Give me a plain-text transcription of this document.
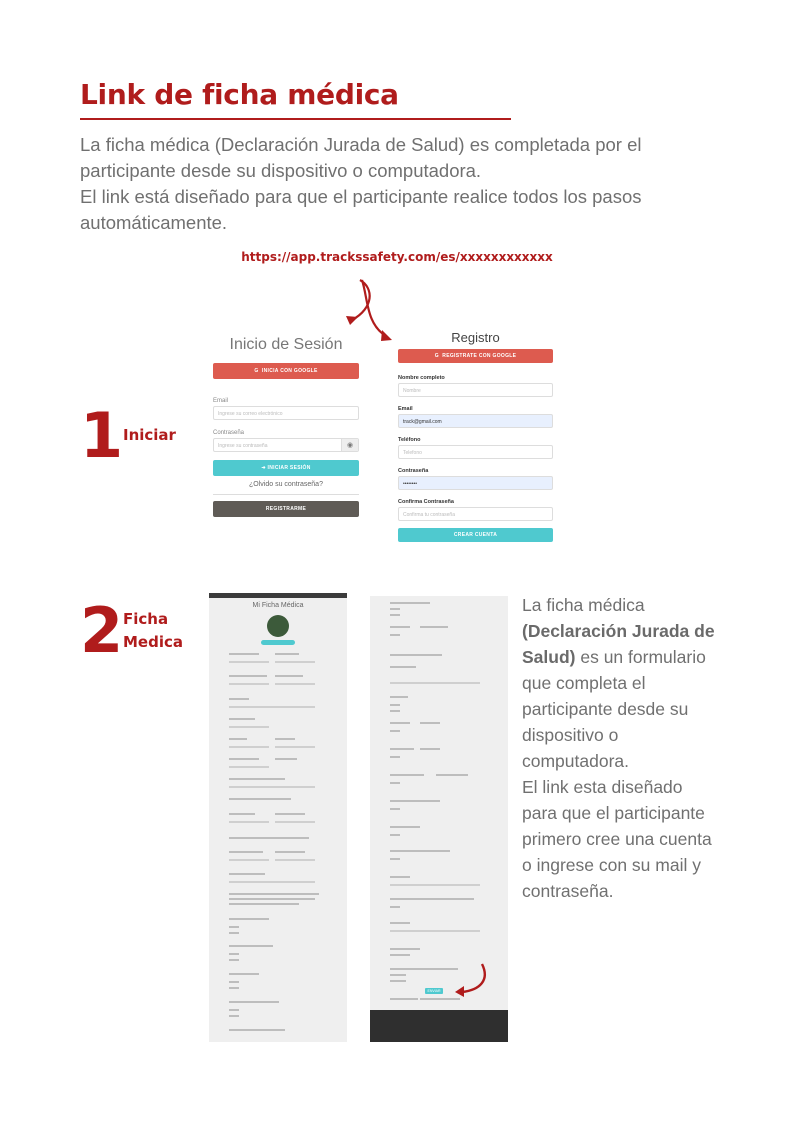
Link de ficha médica
La ficha médica (Declaración Jurada de Salud) es completada por el
participante desde su dispositivo o computadora.
El link está diseñado para que el participante realice todos los pasos
automáticamente.
https://app.trackssafety.com/es/xxxxxxxxxxxx
1 Iniciar
Inicio de Sesión
G  INICIA CON GOOGLE
Email
Ingrese su correo electrónico
Contraseña
Ingrese su contraseña	◉
➜ INICIAR SESIÓN
¿Olvido su contraseña?
REGISTRARME
Registro
G  REGISTRATE CON GOOGLE
Nombre completo
Nombre
Email
track@gmail.com
Teléfono
Telefono
Contraseña
••••••••
Confirma Contraseña
Confirma tu contraseña
CREAR CUENTA
2 Ficha
Medica
Mi Ficha Médica
ENVIAR
La ficha médica (Declaración Jurada de Salud) es un formulario que completa el participante desde su dispositivo o computadora.
El link esta diseñado para que el participante primero cree una cuenta o ingrese con su mail y contraseña.
